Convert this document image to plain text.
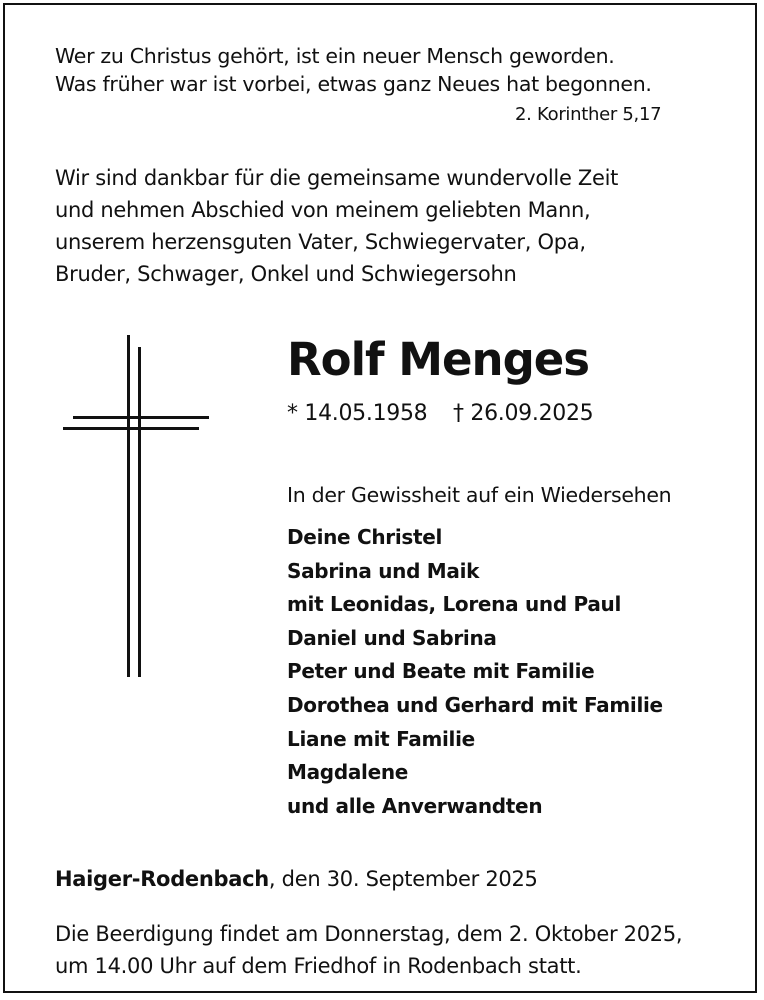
Wer zu Christus gehört, ist ein neuer Mensch geworden.
Was früher war ist vorbei, etwas ganz Neues hat begonnen.
2. Korinther 5,17
Wir sind dankbar für die gemeinsame wundervolle Zeit
und nehmen Abschied von meinem geliebten Mann,
unserem herzensguten Vater, Schwiegervater, Opa,
Bruder, Schwager, Onkel und Schwiegersohn
Rolf Menges
* 14.05.1958 † 26.09.2025
In der Gewissheit auf ein Wiedersehen
Deine Christel
Sabrina und Maik
mit Leonidas, Lorena und Paul
Daniel und Sabrina
Peter und Beate mit Familie
Dorothea und Gerhard mit Familie
Liane mit Familie
Magdalene
und alle Anverwandten
Haiger-Rodenbach, den 30. September 2025
Die Beerdigung findet am Donnerstag, dem 2. Oktober 2025,
um 14.00 Uhr auf dem Friedhof in Rodenbach statt.
